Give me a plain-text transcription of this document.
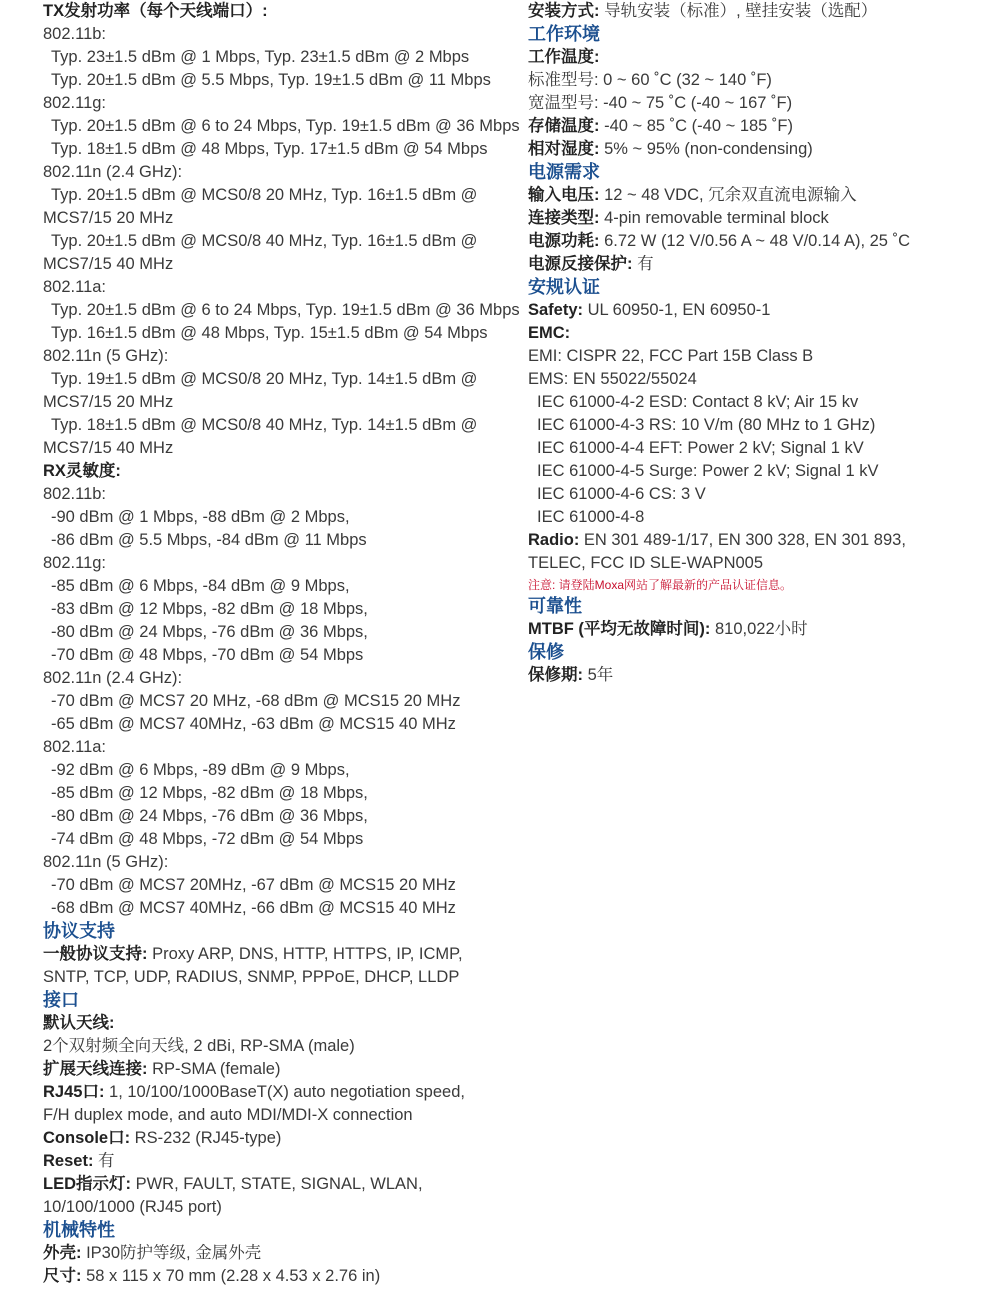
TX发射功率（每个天线端口）:
802.11b:
Typ. 23±1.5 dBm @ 1 Mbps, Typ. 23±1.5 dBm @ 2 Mbps
Typ. 20±1.5 dBm @ 5.5 Mbps, Typ. 19±1.5 dBm @ 11 Mbps
802.11g:
Typ. 20±1.5 dBm @ 6 to 24 Mbps, Typ. 19±1.5 dBm @ 36 Mbps
Typ. 18±1.5 dBm @ 48 Mbps, Typ. 17±1.5 dBm @ 54 Mbps
802.11n (2.4 GHz):
Typ. 20±1.5 dBm @ MCS0/8 20 MHz, Typ. 16±1.5 dBm @
MCS7/15 20 MHz
Typ. 20±1.5 dBm @ MCS0/8 40 MHz, Typ. 16±1.5 dBm @
MCS7/15 40 MHz
802.11a:
Typ. 20±1.5 dBm @ 6 to 24 Mbps, Typ. 19±1.5 dBm @ 36 Mbps
Typ. 16±1.5 dBm @ 48 Mbps, Typ. 15±1.5 dBm @ 54 Mbps
802.11n (5 GHz):
Typ. 19±1.5 dBm @ MCS0/8 20 MHz, Typ. 14±1.5 dBm @
MCS7/15 20 MHz
Typ. 18±1.5 dBm @ MCS0/8 40 MHz, Typ. 14±1.5 dBm @
MCS7/15 40 MHz
RX灵敏度:
802.11b:
-90 dBm @ 1 Mbps, -88 dBm @ 2 Mbps,
-86 dBm @ 5.5 Mbps, -84 dBm @ 11 Mbps
802.11g:
-85 dBm @ 6 Mbps, -84 dBm @ 9 Mbps,
-83 dBm @ 12 Mbps, -82 dBm @ 18 Mbps,
-80 dBm @ 24 Mbps, -76 dBm @ 36 Mbps,
-70 dBm @ 48 Mbps, -70 dBm @ 54 Mbps
802.11n (2.4 GHz):
-70 dBm @ MCS7 20 MHz, -68 dBm @ MCS15 20 MHz
-65 dBm @ MCS7 40MHz, -63 dBm @ MCS15 40 MHz
802.11a:
-92 dBm @ 6 Mbps, -89 dBm @ 9 Mbps,
-85 dBm @ 12 Mbps, -82 dBm @ 18 Mbps,
-80 dBm @ 24 Mbps, -76 dBm @ 36 Mbps,
-74 dBm @ 48 Mbps, -72 dBm @ 54 Mbps
802.11n (5 GHz):
-70 dBm @ MCS7 20MHz, -67 dBm @ MCS15 20 MHz
-68 dBm @ MCS7 40MHz, -66 dBm @ MCS15 40 MHz
协议支持
一般协议支持: Proxy ARP, DNS, HTTP, HTTPS, IP, ICMP,
SNTP, TCP, UDP, RADIUS, SNMP, PPPoE, DHCP, LLDP
接口
默认天线:
2个双射频全向天线, 2 dBi, RP-SMA (male)
扩展天线连接: RP-SMA (female)
RJ45口: 1, 10/100/1000BaseT(X) auto negotiation speed,
F/H duplex mode, and auto MDI/MDI-X connection
Console口: RS-232 (RJ45-type)
Reset: 有
LED指示灯: PWR, FAULT, STATE, SIGNAL, WLAN,
10/100/1000 (RJ45 port)
机械特性
外壳: IP30防护等级, 金属外壳
尺寸: 58 x 115 x 70 mm (2.28 x 4.53 x 2.76 in)
安装方式: 导轨安装（标准）, 壁挂安装（选配）
工作环境
工作温度:
标准型号: 0 ~ 60 ˚C (32 ~ 140 ˚F)
宽温型号: -40 ~ 75 ˚C (-40 ~ 167 ˚F)
存储温度: -40 ~ 85 ˚C (-40 ~ 185 ˚F)
相对湿度: 5% ~ 95% (non-condensing)
电源需求
输入电压: 12 ~ 48 VDC, 冗余双直流电源输入
连接类型: 4-pin removable terminal block
电源功耗: 6.72 W (12 V/0.56 A ~ 48 V/0.14 A), 25 ˚C
电源反接保护: 有
安规认证
Safety: UL 60950-1, EN 60950-1
EMC:
EMI: CISPR 22, FCC Part 15B Class B
EMS: EN 55022/55024
IEC 61000-4-2 ESD: Contact 8 kV; Air 15 kv
IEC 61000-4-3 RS: 10 V/m (80 MHz to 1 GHz)
IEC 61000-4-4 EFT: Power 2 kV; Signal 1 kV
IEC 61000-4-5 Surge: Power 2 kV; Signal 1 kV
IEC 61000-4-6 CS: 3 V
IEC 61000-4-8
Radio: EN 301 489-1/17, EN 300 328, EN 301 893,
TELEC, FCC ID SLE-WAPN005
注意: 请登陆Moxa网站了解最新的产品认证信息。
可靠性
MTBF (平均无故障时间): 810,022小时
保修
保修期: 5年
